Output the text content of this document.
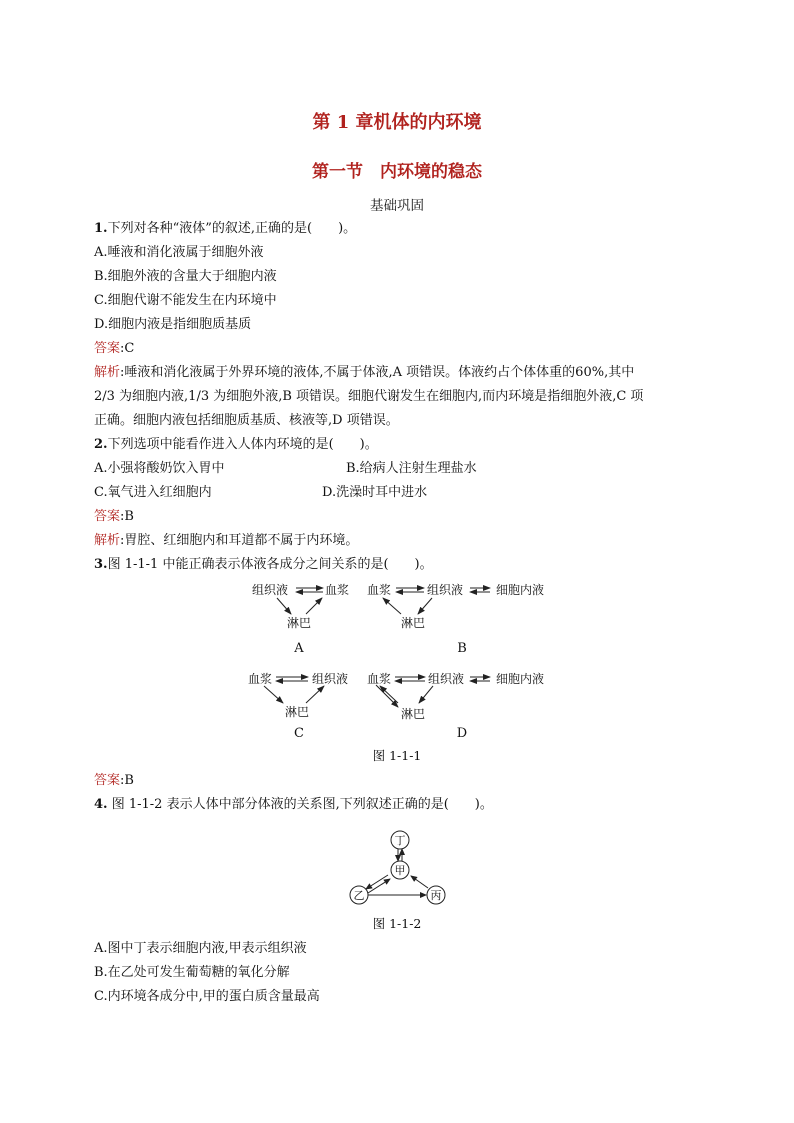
第 1 章机体的内环境
第一节　内环境的稳态
基础巩固
1.下列对各种“液体”的叙述,正确的是(　　)。
A.唾液和消化液属于细胞外液
B.细胞外液的含量大于细胞内液
C.细胞代谢不能发生在内环境中
D.细胞内液是指细胞质基质
答案:C
解析:唾液和消化液属于外界环境的液体,不属于体液,A 项错误。体液约占个体体重的60%,其中
2/3 为细胞内液,1/3 为细胞外液,B 项错误。细胞代谢发生在细胞内,而内环境是指细胞外液,C 项
正确。细胞内液包括细胞质基质、核液等,D 项错误。
2.下列选项中能看作进入人体内环境的是(　　)。
A.小强将酸奶饮入胃中	B.给病人注射生理盐水
C.氧气进入红细胞内	D.洗澡时耳中进水
答案:B
解析:胃腔、红细胞内和耳道都不属于内环境。
3.图 1-1-1 中能正确表示体液各成分之间关系的是(　　)。
组织液	血浆
淋巴
A
血浆	组织液	细胞内液
淋巴
B
血浆	组织液
淋巴
C
血浆	组织液	细胞内液
淋巴
D
图 1-1-1
答案:B
4. 图 1-1-2 表示人体中部分体液的关系图,下列叙述正确的是(　　)。
丁
甲
乙	丙
图 1-1-2
A.图中丁表示细胞内液,甲表示组织液
B.在乙处可发生葡萄糖的氧化分解
C.内环境各成分中,甲的蛋白质含量最高
